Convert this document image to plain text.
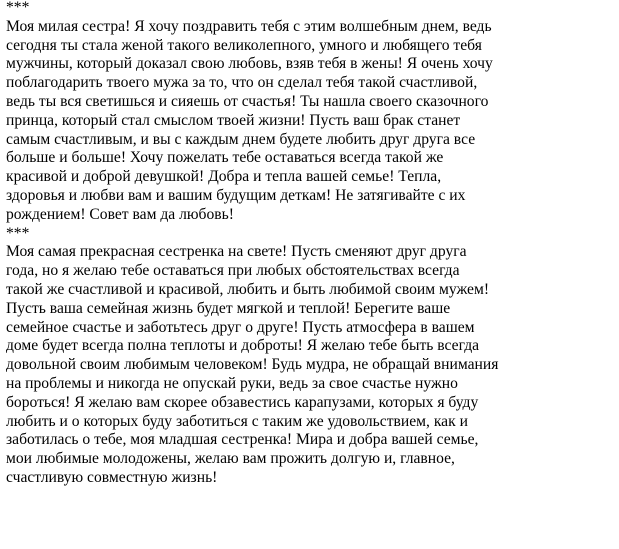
***
Моя милая сестра! Я хочу поздравить тебя с этим волшебным днем, ведь
сегодня ты стала женой такого великолепного, умного и любящего тебя
мужчины, который доказал свою любовь, взяв тебя в жены! Я очень хочу
поблагодарить твоего мужа за то, что он сделал тебя такой счастливой,
ведь ты вся светишься и сияешь от счастья! Ты нашла своего сказочного
принца, который стал смыслом твоей жизни! Пусть ваш брак станет
самым счастливым, и вы с каждым днем будете любить друг друга все
больше и больше! Хочу пожелать тебе оставаться всегда такой же
красивой и доброй девушкой! Добра и тепла вашей семье! Тепла,
здоровья и любви вам и вашим будущим деткам! Не затягивайте с их
рождением! Совет вам да любовь!
***
Моя самая прекрасная сестренка на свете! Пусть сменяют друг друга
года, но я желаю тебе оставаться при любых обстоятельствах всегда
такой же счастливой и красивой, любить и быть любимой своим мужем!
Пусть ваша семейная жизнь будет мягкой и теплой! Берегите ваше
семейное счастье и заботьтесь друг о друге! Пусть атмосфера в вашем
доме будет всегда полна теплоты и доброты! Я желаю тебе быть всегда
довольной своим любимым человеком! Будь мудра, не обращай внимания
на проблемы и никогда не опускай руки, ведь за свое счастье нужно
бороться! Я желаю вам скорее обзавестись карапузами, которых я буду
любить и о которых буду заботиться с таким же удовольствием, как и
заботилась о тебе, моя младшая сестренка! Мира и добра вашей семье,
мои любимые молодожены, желаю вам прожить долгую и, главное,
счастливую совместную жизнь!
